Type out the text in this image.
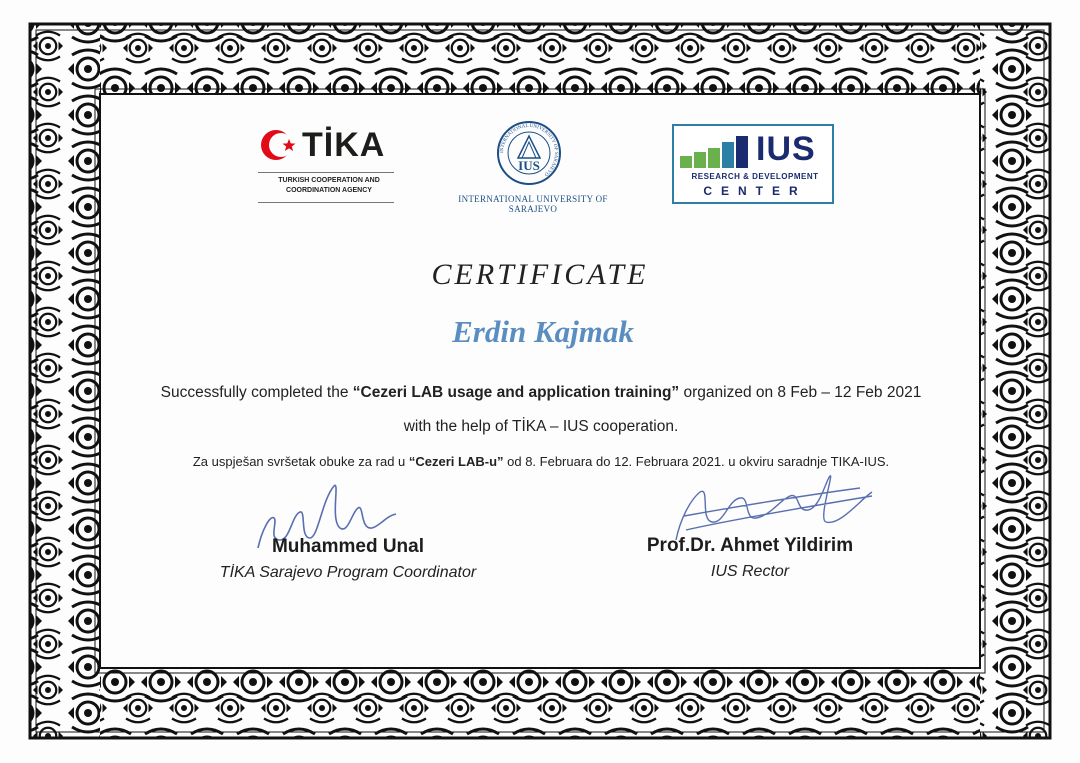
TİKA
TURKISH COOPERATION AND
COORDINATION AGENCY
INTERNATIONAL UNIVERSITY OF SARAJEVO
IUS
INTERNATIONAL UNIVERSITY OF SARAJEVO
IUS
RESEARCH & DEVELOPMENT
CENTER
CERTIFICATE
Erdin Kajmak
Successfully completed the “Cezeri LAB usage and application training” organized on 8 Feb – 12 Feb 2021
with the help of TİKA – IUS cooperation.
Za uspješan svršetak obuke za rad u “Cezeri LAB-u” od 8. Februara do 12. Februara 2021. u okviru saradnje TIKA-IUS.
Muhammed Unal
TİKA Sarajevo Program Coordinator
Prof.Dr. Ahmet Yildirim
IUS Rector
